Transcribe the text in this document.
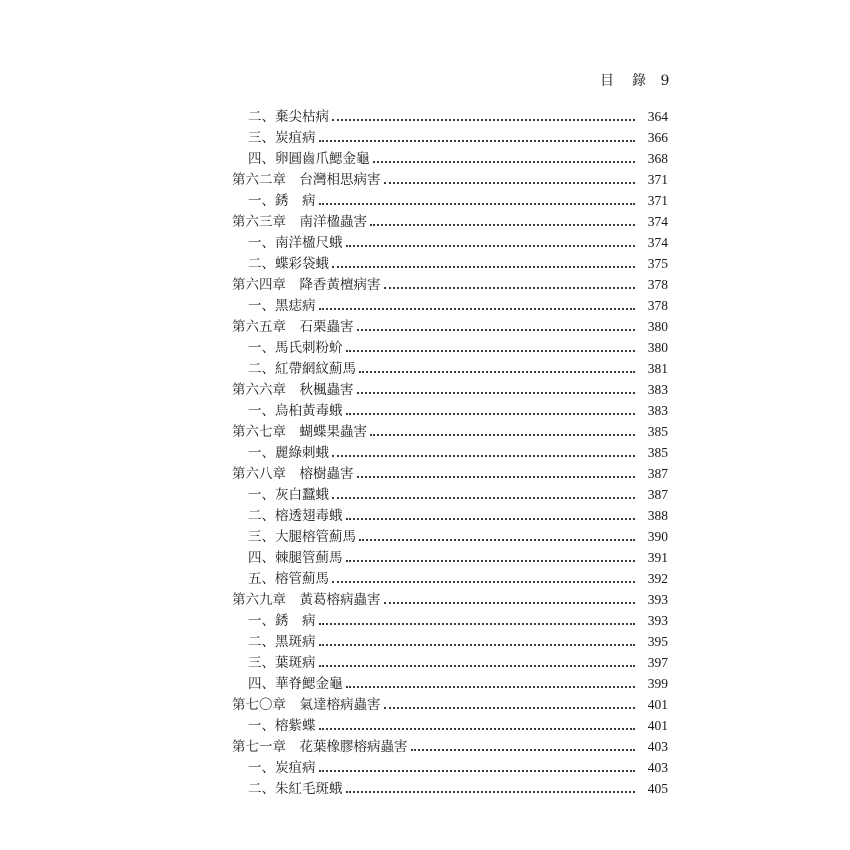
目　錄 9
二、棄尖枯病	364
三、炭疽病	366
四、卵圓齒爪鰓金龜	368
第六二章　台灣相思病害	371
一、銹　病	371
第六三章　南洋楹蟲害	374
一、南洋楹尺蛾	374
二、蝶彩袋蛾	375
第六四章　降香黃檀病害	378
一、黑痣病	378
第六五章　石栗蟲害	380
一、馬氏刺粉蚧	380
二、紅帶網紋薊馬	381
第六六章　秋楓蟲害	383
一、烏桕黃毒蛾	383
第六七章　蝴蝶果蟲害	385
一、麗綠刺蛾	385
第六八章　榕樹蟲害	387
一、灰白蠶蛾	387
二、榕透翅毒蛾	388
三、大腿榕管薊馬	390
四、棘腿管薊馬	391
五、榕管薊馬	392
第六九章　黃葛榕病蟲害	393
一、銹　病	393
二、黑斑病	395
三、葉斑病	397
四、華脊鰓金龜	399
第七〇章　氣達榕病蟲害	401
一、榕紫蝶	401
第七一章　花葉橡膠榕病蟲害	403
一、炭疽病	403
二、朱紅毛斑蛾	405
